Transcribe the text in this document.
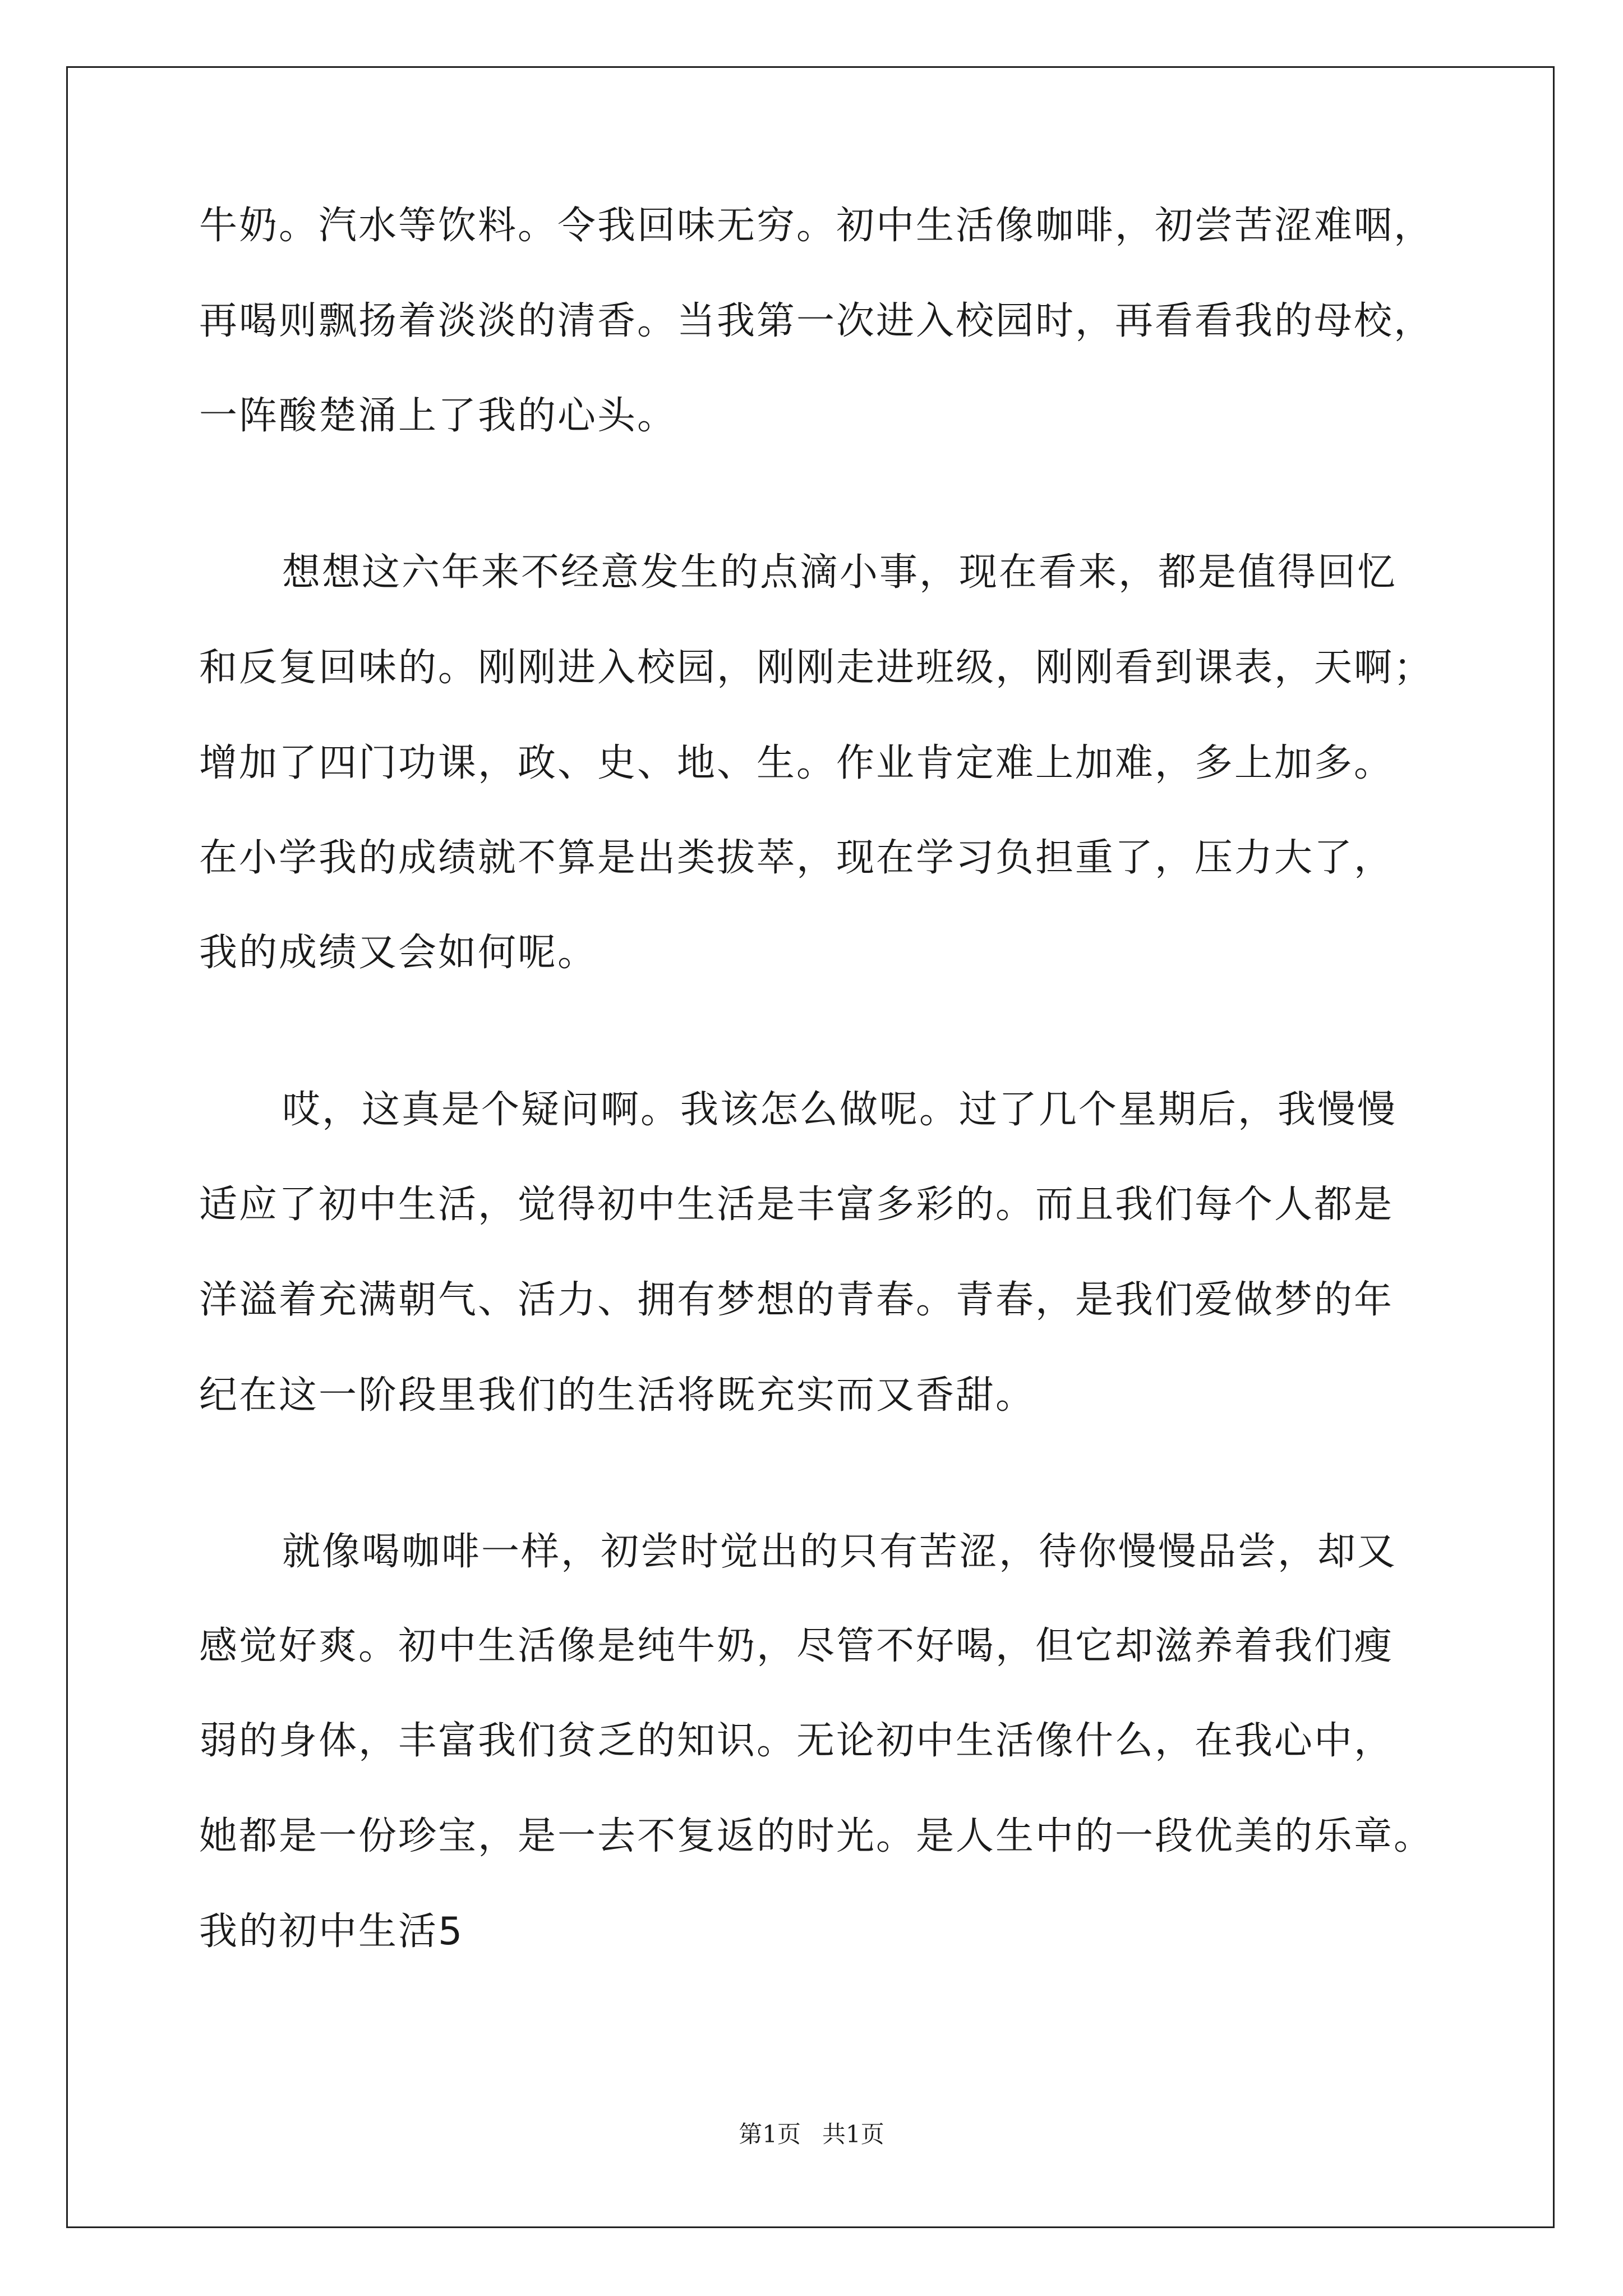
牛奶。汽水等饮料。令我回味无穷。初中生活像咖啡，初尝苦涩难咽，
再喝则飘扬着淡淡的清香。当我第一次进入校园时，再看看我的母校，
一阵酸楚涌上了我的心头。
想想这六年来不经意发生的点滴小事，现在看来，都是值得回忆
和反复回味的。刚刚进入校园，刚刚走进班级，刚刚看到课表，天啊；
增加了四门功课，政、史、地、生。作业肯定难上加难，多上加多。
在小学我的成绩就不算是出类拔萃，现在学习负担重了，压力大了，
我的成绩又会如何呢。
哎，这真是个疑问啊。我该怎么做呢。过了几个星期后，我慢慢
适应了初中生活，觉得初中生活是丰富多彩的。而且我们每个人都是
洋溢着充满朝气、活力、拥有梦想的青春。青春，是我们爱做梦的年
纪在这一阶段里我们的生活将既充实而又香甜。
就像喝咖啡一样，初尝时觉出的只有苦涩，待你慢慢品尝，却又
感觉好爽。初中生活像是纯牛奶，尽管不好喝，但它却滋养着我们瘦
弱的身体，丰富我们贫乏的知识。无论初中生活像什么，在我心中，
她都是一份珍宝，是一去不复返的时光。是人生中的一段优美的乐章。
我的初中生活5
第1页 共1页
